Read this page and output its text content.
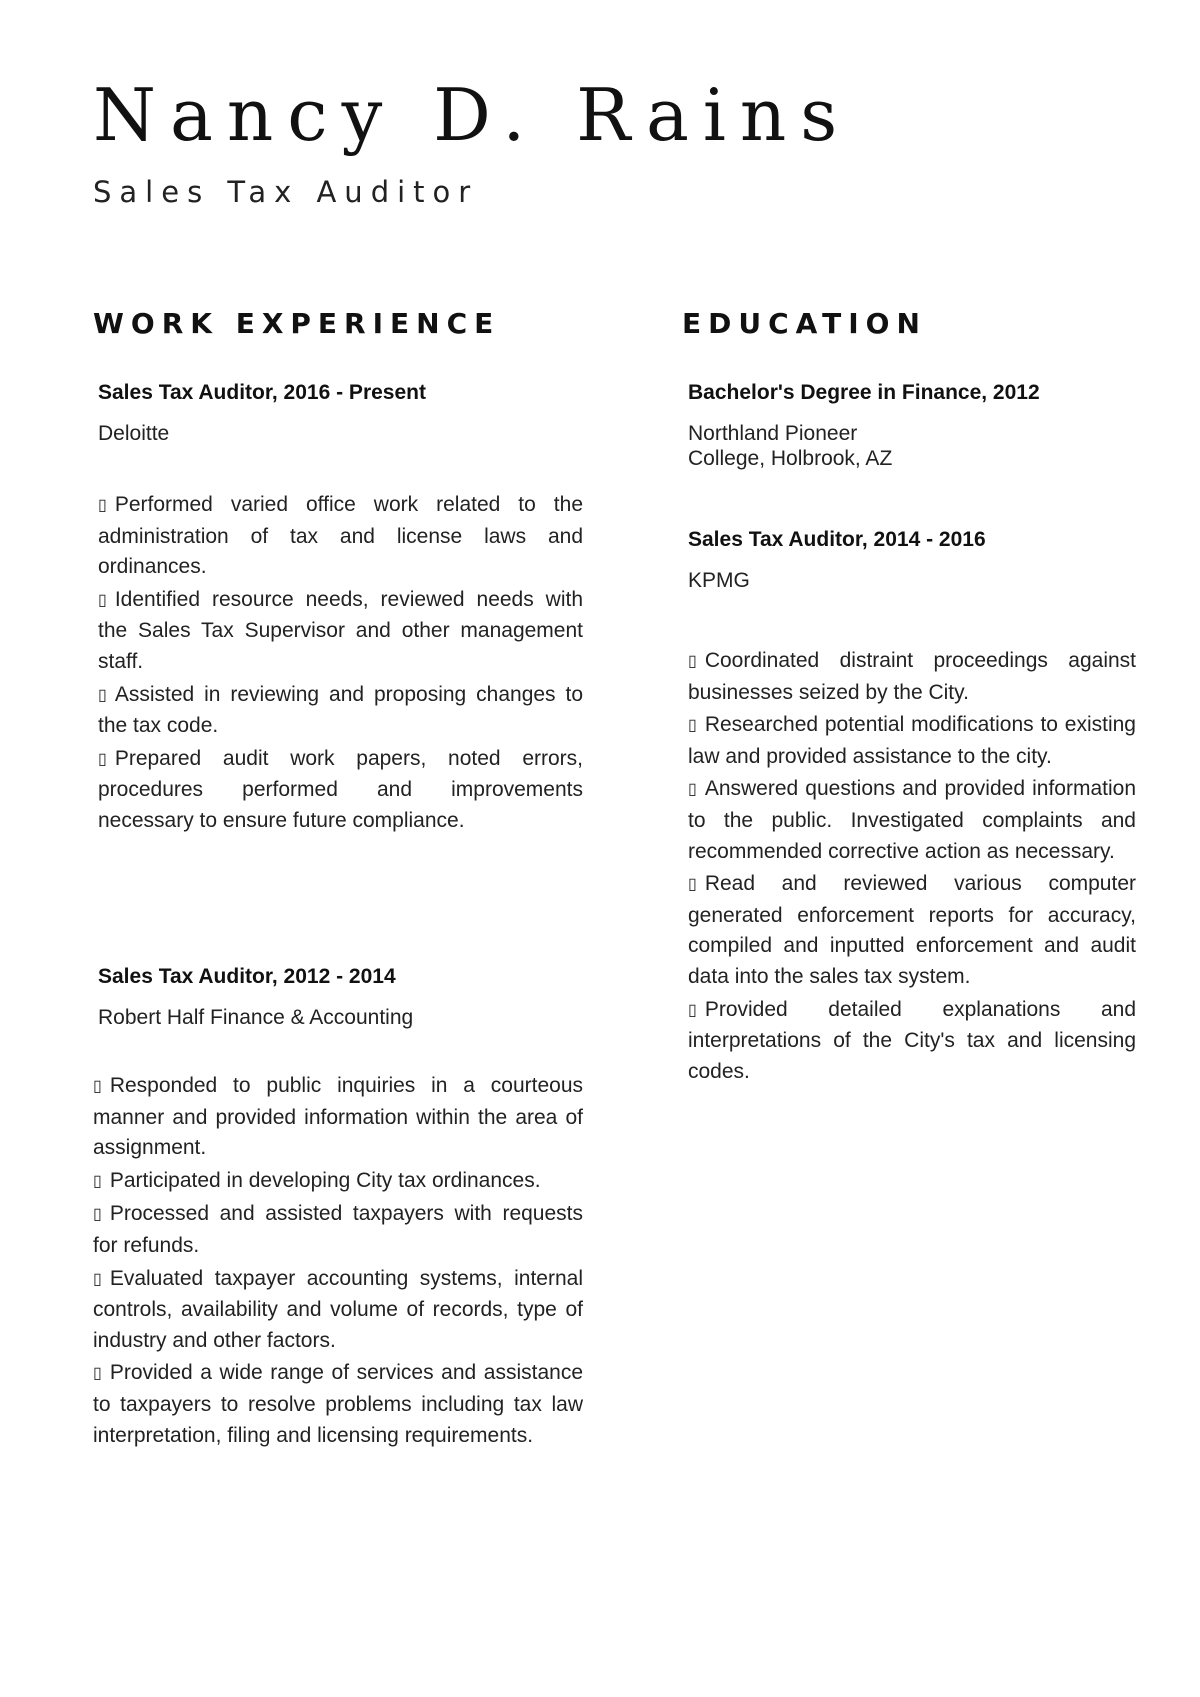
Nancy D. Rains
Sales Tax Auditor
WORK EXPERIENCE
Sales Tax Auditor, 2016 - Present
Deloitte

▯ Performed varied office work related to the administration of tax and license laws and ordinances.

▯ Identified resource needs, reviewed needs with the Sales Tax Supervisor and other management staff.

▯ Assisted in reviewing and proposing changes to the tax code.

▯ Prepared audit work papers, noted errors, procedures performed and improvements necessary to ensure future compliance.

Sales Tax Auditor, 2012 - 2014
Robert Half Finance & Accounting

▯ Responded to public inquiries in a courteous manner and provided information within the area of assignment.

▯ Participated in developing City tax ordinances.

▯ Processed and assisted taxpayers with requests for refunds.

▯ Evaluated taxpayer accounting systems, internal controls, availability and volume of records, type of industry and other factors.

▯ Provided a wide range of services and assistance to taxpayers to resolve problems including tax law interpretation, filing and licensing requirements.

EDUCATION
Bachelor's Degree in Finance, 2012
Northland Pioneer
College, Holbrook, AZ
Sales Tax Auditor, 2014 - 2016
KPMG

▯ Coordinated distraint proceedings against businesses seized by the City.

▯ Researched potential modifications to existing law and provided assistance to the city.

▯ Answered questions and provided information to the public. Investigated complaints and recommended corrective action as necessary.

▯ Read and reviewed various computer generated enforcement reports for accuracy, compiled and inputted enforcement and audit data into the sales tax system.

▯ Provided detailed explanations and interpretations of the City's tax and licensing codes.
